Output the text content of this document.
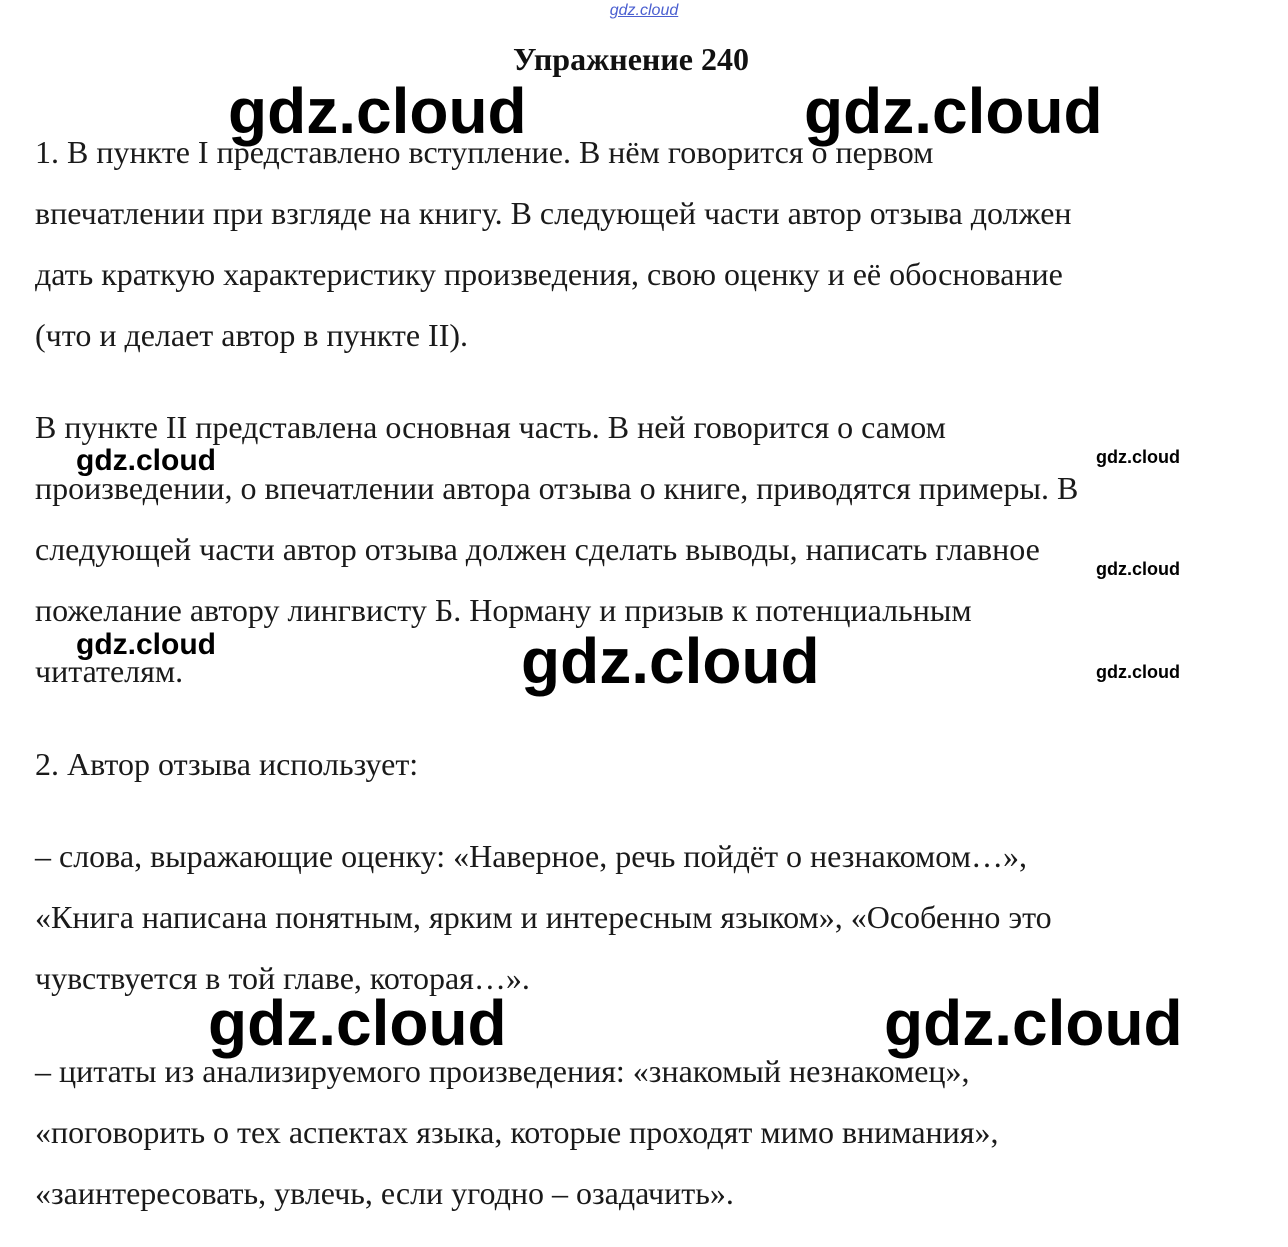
gdz.cloud
Упражнение 240
1. В пункте I представлено вступление. В нём говорится о первом
впечатлении при взгляде на книгу. В следующей части автор отзыва должен
дать краткую характеристику произведения, свою оценку и её обоснование
(что и делает автор в пункте II).
В пункте II представлена основная часть. В ней говорится о самом
произведении, о впечатлении автора отзыва о книге, приводятся примеры. В
следующей части автор отзыва должен сделать выводы, написать главное
пожелание автору лингвисту Б. Норману и призыв к потенциальным
читателям.
2. Автор отзыва использует:
– слова, выражающие оценку: «Наверное, речь пойдёт о незнакомом…»,
«Книга написана понятным, ярким и интересным языком», «Особенно это
чувствуется в той главе, которая…».
– цитаты из анализируемого произведения: «знакомый незнакомец»,
«поговорить о тех аспектах языка, которые проходят мимо внимания»,
«заинтересовать, увлечь, если угодно – озадачить».
gdz.cloud	gdz.cloud
gdz.cloud	gdz.cloud
gdz.cloud
gdz.cloud	gdz.cloud	gdz.cloud
gdz.cloud	gdz.cloud
